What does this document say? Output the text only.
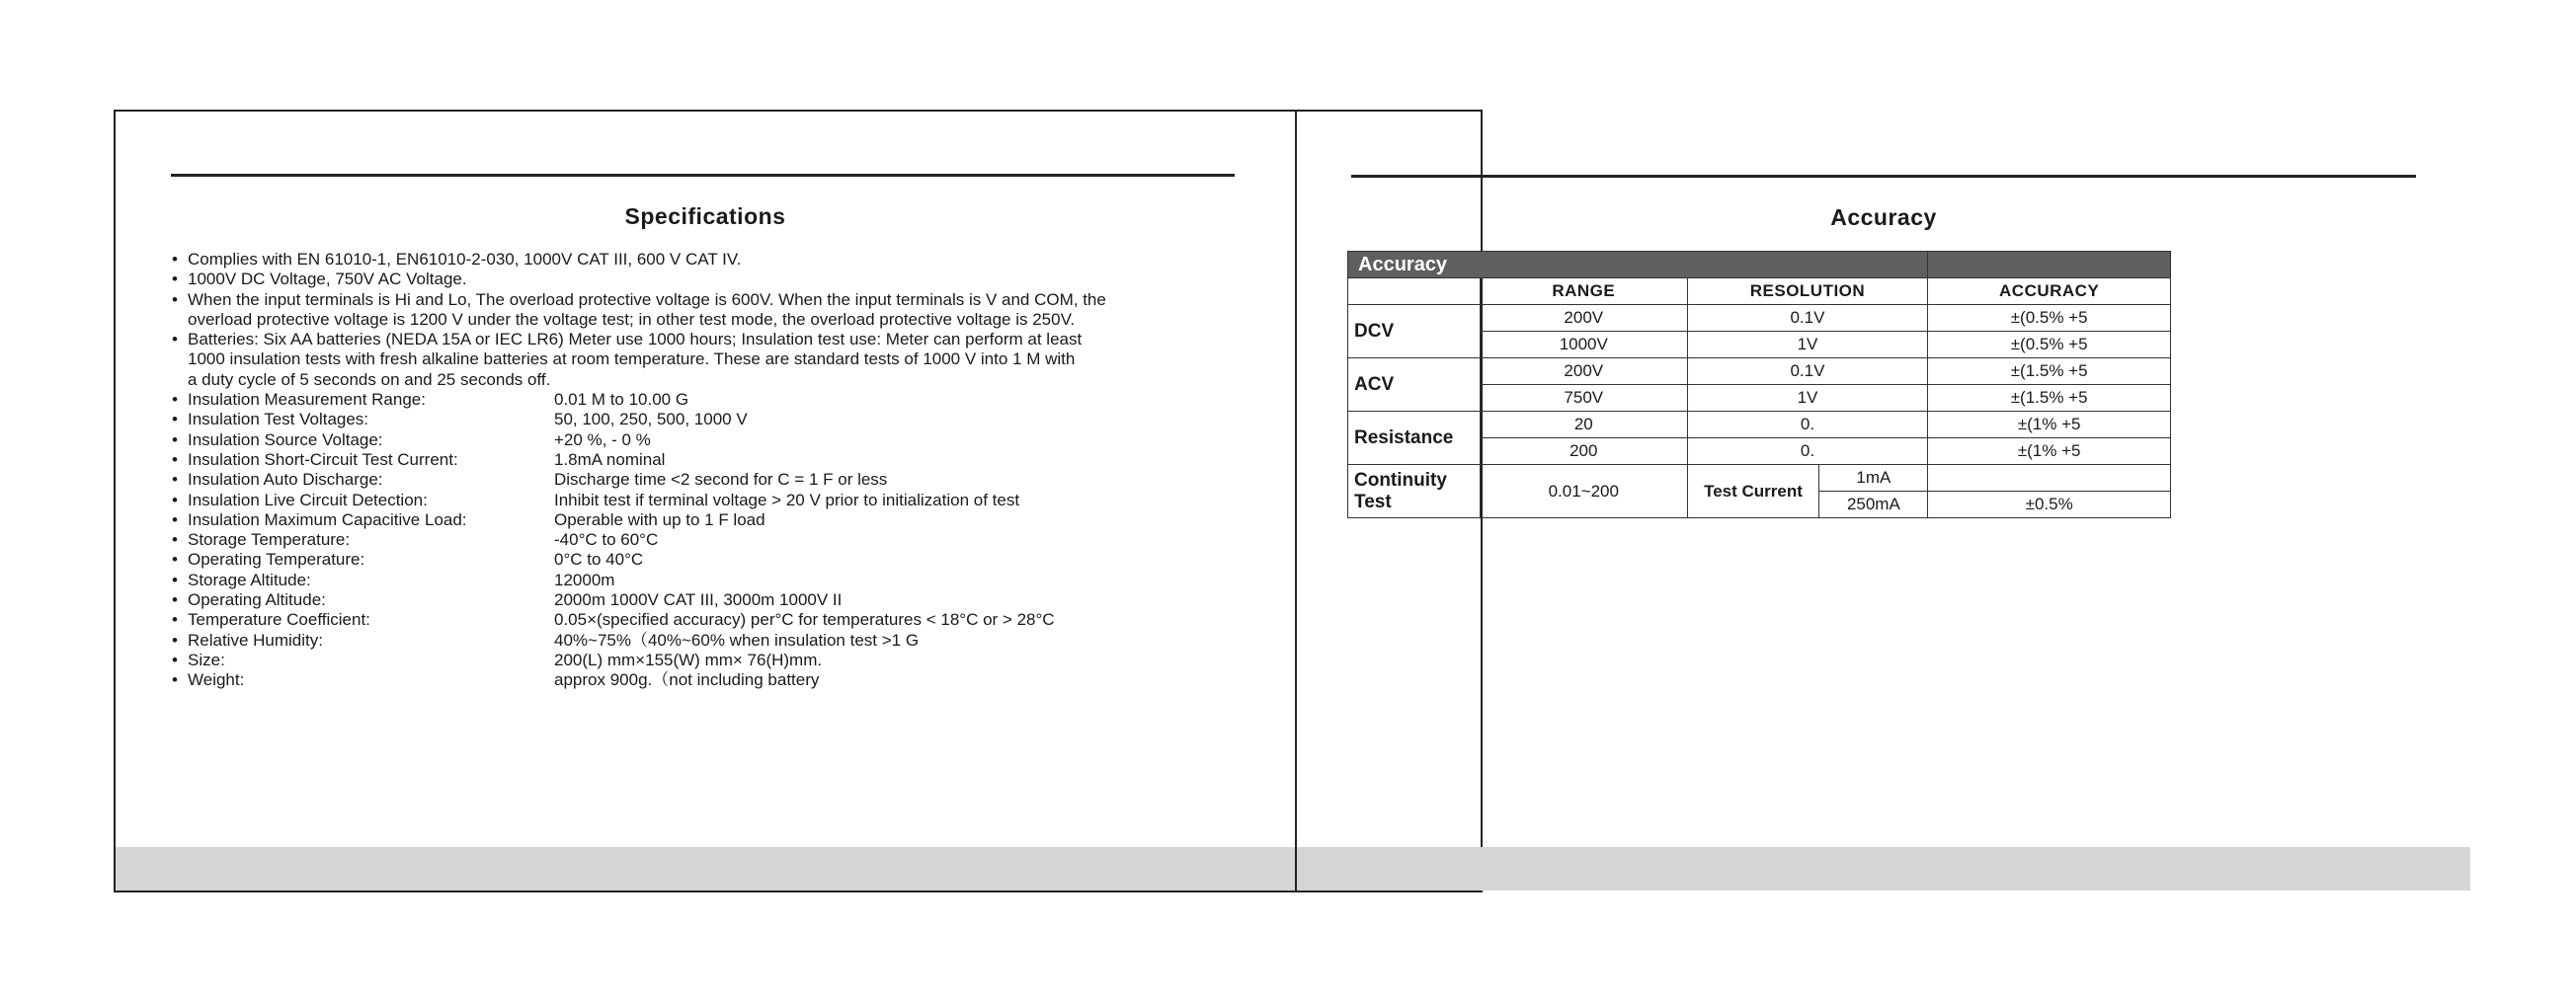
Specifications
• Complies with EN 61010-1, EN61010-2-030, 1000V CAT III, 600 V CAT IV.
• 1000V DC Voltage, 750V AC Voltage.
• When the input terminals is Hi and Lo, The overload protective voltage is 600V. When the input terminals is V and COM, the
overload protective voltage is 1200 V under the voltage test; in other test mode, the overload protective voltage is 250V.
• Batteries: Six AA batteries (NEDA 15A or IEC LR6) Meter use 1000 hours; Insulation test use: Meter can perform at least
1000 insulation tests with fresh alkaline batteries at room temperature. These are standard tests of 1000 V into 1 M with
a duty cycle of 5 seconds on and 25 seconds off.
• Insulation Measurement Range:	0.01 M to 10.00 G
• Insulation Test Voltages:	50, 100, 250, 500, 1000 V
• Insulation Source Voltage:	+20 %, - 0 %
• Insulation Short-Circuit Test Current:	1.8mA nominal
• Insulation Auto Discharge:	Discharge time <2 second for C = 1 F or less
• Insulation Live Circuit Detection:	Inhibit test if terminal voltage > 20 V prior to initialization of test
• Insulation Maximum Capacitive Load:	Operable with up to 1 F load
• Storage Temperature:	-40°C to 60°C
• Operating Temperature:	0°C to 40°C
• Storage Altitude:	12000m
• Operating Altitude:	2000m 1000V CAT III, 3000m 1000V II
• Temperature Coefficient:	0.05×(specified accuracy) per°C for temperatures < 18°C or > 28°C
• Relative Humidity:	40%~75%（40%~60% when insulation test >1 G
• Size:	200(L) mm×155(W) mm× 76(H)mm.
• Weight:	approx 900g.（not including battery
Accuracy
Accuracy				
	RANGE	RESOLUTION		ACCURACY
DCV	200V	0.1V		±(0.5% +5
	1000V	1V		±(0.5% +5
ACV	200V	0.1V		±(1.5% +5
	750V	1V		±(1.5% +5
Resistance	20	0.		±(1% +5
	200	0.		±(1% +5

Continuity
Test	0.01~200	Test Current	1mA	
			250mA	±0.5%
